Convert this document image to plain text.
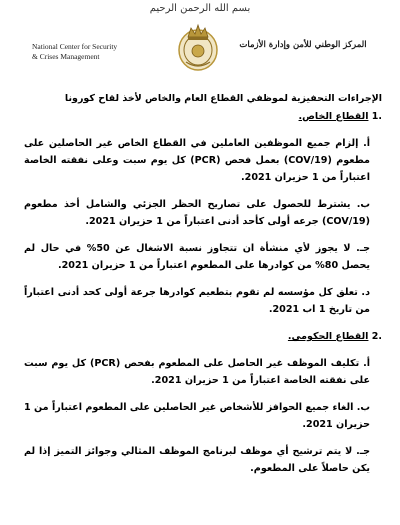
بسم الله الرحمن الرحيم
National Center for Security
& Crises Management
المركز الوطني للأمن وإدارة الأزمات
الإجراءات التحفيزية لموظفي القطاع العام والخاص لأخذ لقاح كورونا
.1 القطاع الخاص.
أ. إلزام جميع الموظفين العاملين في القطاع الخاص غير الحاصلين على مطعوم (COV/19) بعمل فحص (PCR) كل يوم سبت وعلى نفقته الخاصة اعتباراً من 1 حزيران 2021.
ب. يشترط للحصول على تصاريح الحظر الجزئي والشامل أخذ مطعوم (COV/19) جرعه أولى كأحد أدنى اعتباراً من 1 حزيران 2021.
جـ. لا يجوز لأي منشأة ان تتجاوز نسبة الاشغال عن 50% في حال لم يحصل 80% من كوادرها على المطعوم اعتباراً من 1 حزيران 2021.
د. تعلق كل مؤسسه لم تقوم بتطعيم كوادرها جرعة أولى كحد أدنى اعتباراً من تاريخ 1 اب 2021.
.2 القطاع الحكومي.
أ. تكليف الموظف غير الحاصل على المطعوم بفحص (PCR) كل يوم سبت على نفقته الخاصة اعتباراً من 1 حزيران 2021.
ب. الغاء جميع الحوافز للأشخاص غير الحاصلين على المطعوم اعتباراً من 1 حزيران 2021.
جـ. لا يتم ترشيح أي موظف لبرنامج الموظف المثالي وجوائز التميز إذا لم يكن حاصلاً على المطعوم.
